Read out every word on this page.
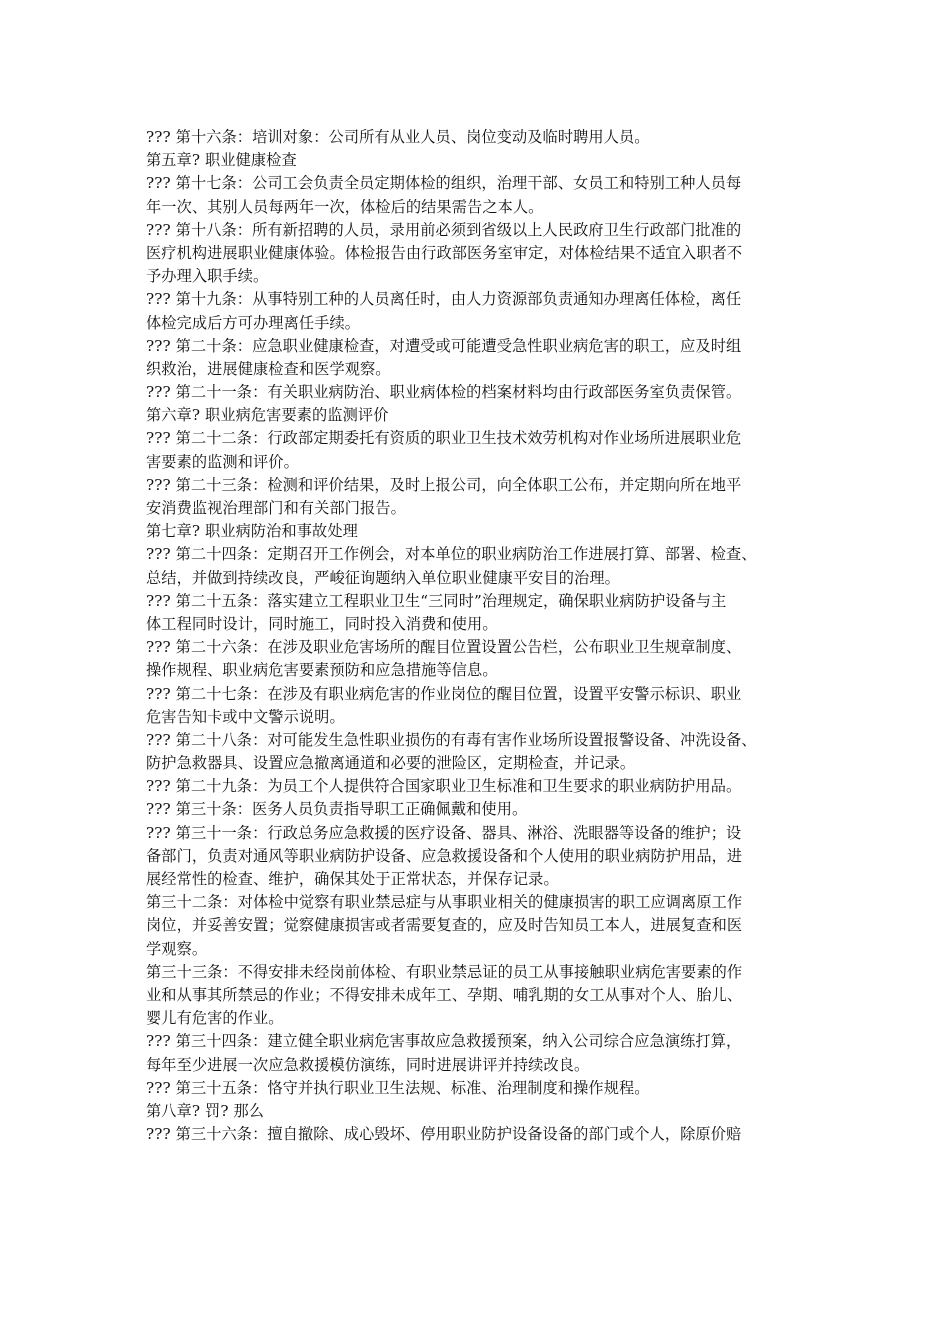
??? 第十六条：培训对象：公司所有从业人员、岗位变动及临时聘用人员。
第五章? 职业健康检查
??? 第十七条：公司工会负责全员定期体检的组织，治理干部、女员工和特别工种人员每
年一次、其别人员每两年一次，体检后的结果需告之本人。
??? 第十八条：所有新招聘的人员，录用前必须到省级以上人民政府卫生行政部门批准的
医疗机构进展职业健康体验。体检报告由行政部医务室审定，对体检结果不适宜入职者不
予办理入职手续。
??? 第十九条：从事特别工种的人员离任时，由人力资源部负责通知办理离任体检，离任
体检完成后方可办理离任手续。
??? 第二十条：应急职业健康检查，对遭受或可能遭受急性职业病危害的职工，应及时组
织救治，进展健康检查和医学观察。
??? 第二十一条：有关职业病防治、职业病体检的档案材料均由行政部医务室负责保管。
第六章? 职业病危害要素的监测评价
??? 第二十二条：行政部定期委托有资质的职业卫生技术效劳机构对作业场所进展职业危
害要素的监测和评价。
??? 第二十三条：检测和评价结果，及时上报公司，向全体职工公布，并定期向所在地平
安消费监视治理部门和有关部门报告。
第七章? 职业病防治和事故处理
??? 第二十四条：定期召开工作例会，对本单位的职业病防治工作进展打算、部署、检查、
总结，并做到持续改良，严峻征询题纳入单位职业健康平安目的治理。
??? 第二十五条：落实建立工程职业卫生“三同时”治理规定，确保职业病防护设备与主
体工程同时设计，同时施工，同时投入消费和使用。
??? 第二十六条：在涉及职业危害场所的醒目位置设置公告栏，公布职业卫生规章制度、
操作规程、职业病危害要素预防和应急措施等信息。
??? 第二十七条：在涉及有职业病危害的作业岗位的醒目位置，设置平安警示标识、职业
危害告知卡或中文警示说明。
??? 第二十八条：对可能发生急性职业损伤的有毒有害作业场所设置报警设备、冲洗设备、
防护急救器具、设置应急撤离通道和必要的泄险区，定期检查，并记录。
??? 第二十九条：为员工个人提供符合国家职业卫生标准和卫生要求的职业病防护用品。
??? 第三十条：医务人员负责指导职工正确佩戴和使用。
??? 第三十一条：行政总务应急救援的医疗设备、器具、淋浴、洗眼器等设备的维护；设
备部门，负责对通风等职业病防护设备、应急救援设备和个人使用的职业病防护用品，进
展经常性的检查、维护，确保其处于正常状态，并保存记录。
第三十二条：对体检中觉察有职业禁忌症与从事职业相关的健康损害的职工应调离原工作
岗位，并妥善安置；觉察健康损害或者需要复查的，应及时告知员工本人，进展复查和医
学观察。
第三十三条：不得安排未经岗前体检、有职业禁忌证的员工从事接触职业病危害要素的作
业和从事其所禁忌的作业；不得安排未成年工、孕期、哺乳期的女工从事对个人、胎儿、
婴儿有危害的作业。
??? 第三十四条：建立健全职业病危害事故应急救援预案，纳入公司综合应急演练打算，
每年至少进展一次应急救援模仿演练，同时进展讲评并持续改良。
??? 第三十五条：恪守并执行职业卫生法规、标准、治理制度和操作规程。
第八章? 罚? 那么
??? 第三十六条：擅自撤除、成心毁坏、停用职业防护设备设备的部门或个人，除原价赔
